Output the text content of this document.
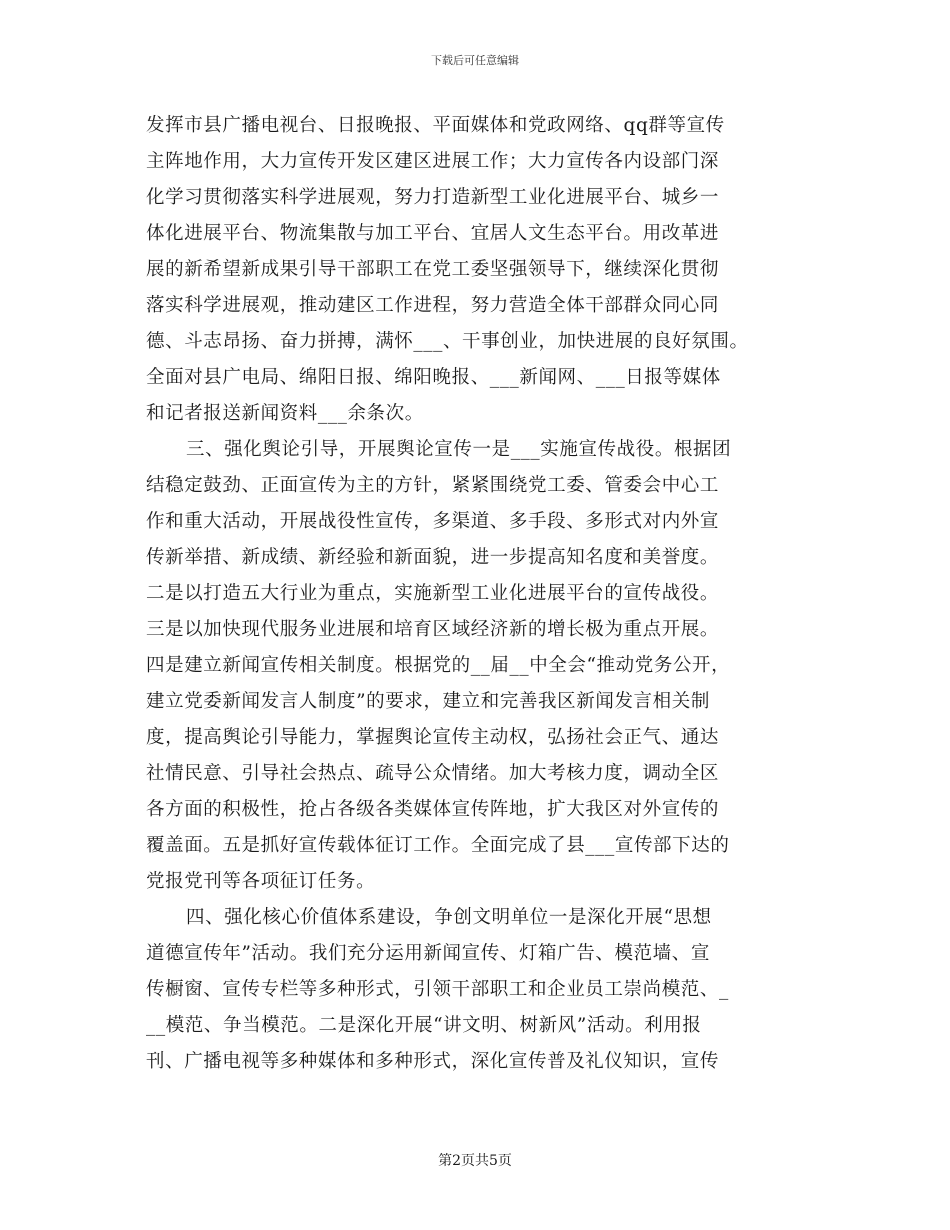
下载后可任意编辑
发挥市县广播电视台、日报晚报、平面媒体和党政网络、qq群等宣传
主阵地作用，大力宣传开发区建区进展工作；大力宣传各内设部门深
化学习贯彻落实科学进展观，努力打造新型工业化进展平台、城乡一
体化进展平台、物流集散与加工平台、宜居人文生态平台。用改革进
展的新希望新成果引导干部职工在党工委坚强领导下，继续深化贯彻
落实科学进展观，推动建区工作进程，努力营造全体干部群众同心同
德、斗志昂扬、奋力拼搏，满怀___、干事创业，加快进展的良好氛围。
全面对县广电局、绵阳日报、绵阳晚报、___新闻网、___日报等媒体
和记者报送新闻资料___余条次。
三、强化舆论引导，开展舆论宣传一是___实施宣传战役。根据团
结稳定鼓劲、正面宣传为主的方针，紧紧围绕党工委、管委会中心工
作和重大活动，开展战役性宣传，多渠道、多手段、多形式对内外宣
传新举措、新成绩、新经验和新面貌，进一步提高知名度和美誉度。
二是以打造五大行业为重点，实施新型工业化进展平台的宣传战役。
三是以加快现代服务业进展和培育区域经济新的增长极为重点开展。
四是建立新闻宣传相关制度。根据党的__届__中全会“推动党务公开，
建立党委新闻发言人制度”的要求，建立和完善我区新闻发言相关制
度，提高舆论引导能力，掌握舆论宣传主动权，弘扬社会正气、通达
社情民意、引导社会热点、疏导公众情绪。加大考核力度，调动全区
各方面的积极性，抢占各级各类媒体宣传阵地，扩大我区对外宣传的
覆盖面。五是抓好宣传载体征订工作。全面完成了县___宣传部下达的
党报党刊等各项征订任务。
四、强化核心价值体系建设，争创文明单位一是深化开展“思想
道德宣传年”活动。我们充分运用新闻宣传、灯箱广告、模范墙、宣
传橱窗、宣传专栏等多种形式，引领干部职工和企业员工崇尚模范、_
__模范、争当模范。二是深化开展“讲文明、树新风”活动。利用报
刊、广播电视等多种媒体和多种形式，深化宣传普及礼仪知识，宣传
第2页共5页
